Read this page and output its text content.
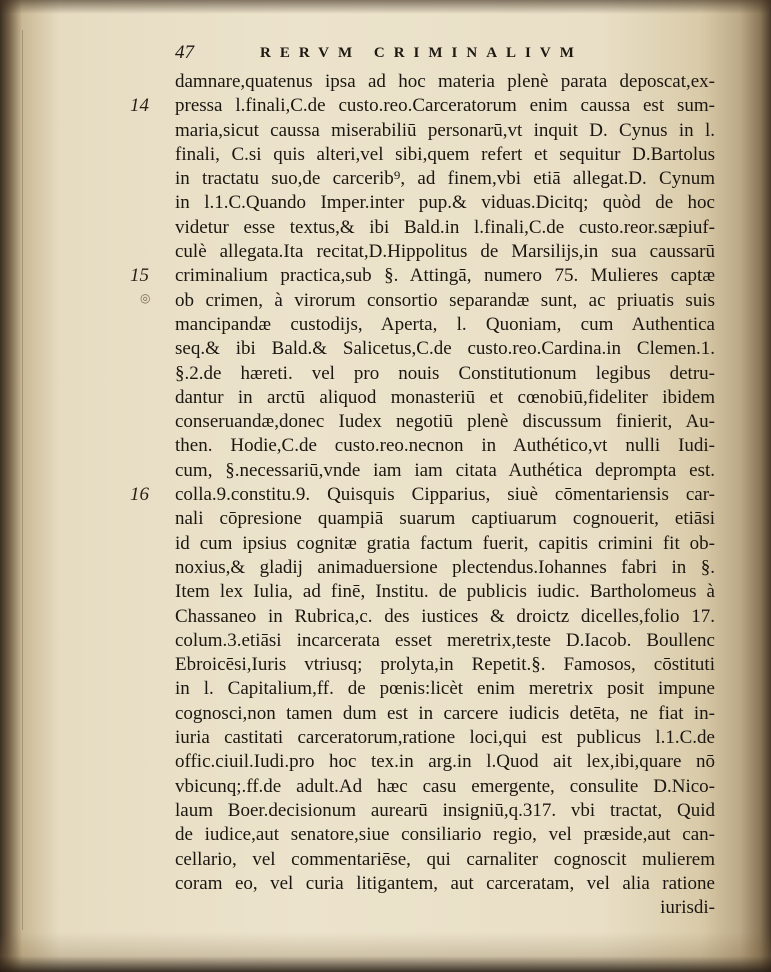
47	RERVM CRIMINALIVM
14
15
◎
16
damnare,quatenus ipsa ad hoc materia plenè parata deposcat,ex-
pressa l.finali,C.de custo.reo.Carceratorum enim caussa est sum-
maria,sicut caussa miserabiliū personarū,vt inquit D. Cynus in l.
finali, C.si quis alteri,vel sibi,quem refert et sequitur D.Bartolus
in tractatu suo,de carcerib⁹, ad finem,vbi etiā allegat.D. Cynum
in l.1.C.Quando Imper.inter pup.& viduas.Dicitq; quòd de hoc
videtur esse textus,& ibi Bald.in l.finali,C.de custo.reor.sæpiuf-
culè allegata.Ita recitat,D.Hippolitus de Marsilijs,in sua caussarū
criminalium practica,sub §. Attingā, numero 75. Mulieres captæ
ob crimen, à virorum consortio separandæ sunt, ac priuatis suis
mancipandæ custodijs, Aperta, l. Quoniam, cum Authentica
seq.& ibi Bald.& Salicetus,C.de custo.reo.Cardina.in Clemen.1.
§.2.de hæreti. vel pro nouis Constitutionum legibus detru-
dantur in arctū aliquod monasteriū et cœnobiū,fideliter ibidem
conseruandæ,donec Iudex negotiū plenè discussum finierit, Au-
then. Hodie,C.de custo.reo.necnon in Authético,vt nulli Iudi-
cum, §.necessariū,vnde iam iam citata Authética deprompta est.
colla.9.constitu.9. Quisquis Cipparius, siuè cōmentariensis car-
nali cōpresione quampiā suarum captiuarum cognouerit, etiāsi
id cum ipsius cognitæ gratia factum fuerit, capitis crimini fit ob-
noxius,& gladij animaduersione plectendus.Iohannes fabri in §.
Item lex Iulia, ad finē, Institu. de publicis iudic. Bartholomeus à
Chassaneo in Rubrica,c. des iustices & droictz dicelles,folio 17.
colum.3.etiāsi incarcerata esset meretrix,teste D.Iacob. Boullenc
Ebroicēsi,Iuris vtriusq; prolyta,in Repetit.§. Famosos, cōstituti
in l. Capitalium,ff. de pœnis:licèt enim meretrix posit impune
cognosci,non tamen dum est in carcere iudicis detēta, ne fiat in-
iuria castitati carceratorum,ratione loci,qui est publicus l.1.C.de
offic.ciuil.Iudi.pro hoc tex.in arg.in l.Quod ait lex,ibi,quare nō
vbicunq;.ff.de adult.Ad hæc casu emergente, consulite D.Nico-
laum Boer.decisionum aurearū insigniū,q.317. vbi tractat, Quid
de iudice,aut senatore,siue consiliario regio, vel præside,aut can-
cellario, vel commentariēse, qui carnaliter cognoscit mulierem
coram eo, vel curia litigantem, aut carceratam, vel alia ratione
iurisdi-
